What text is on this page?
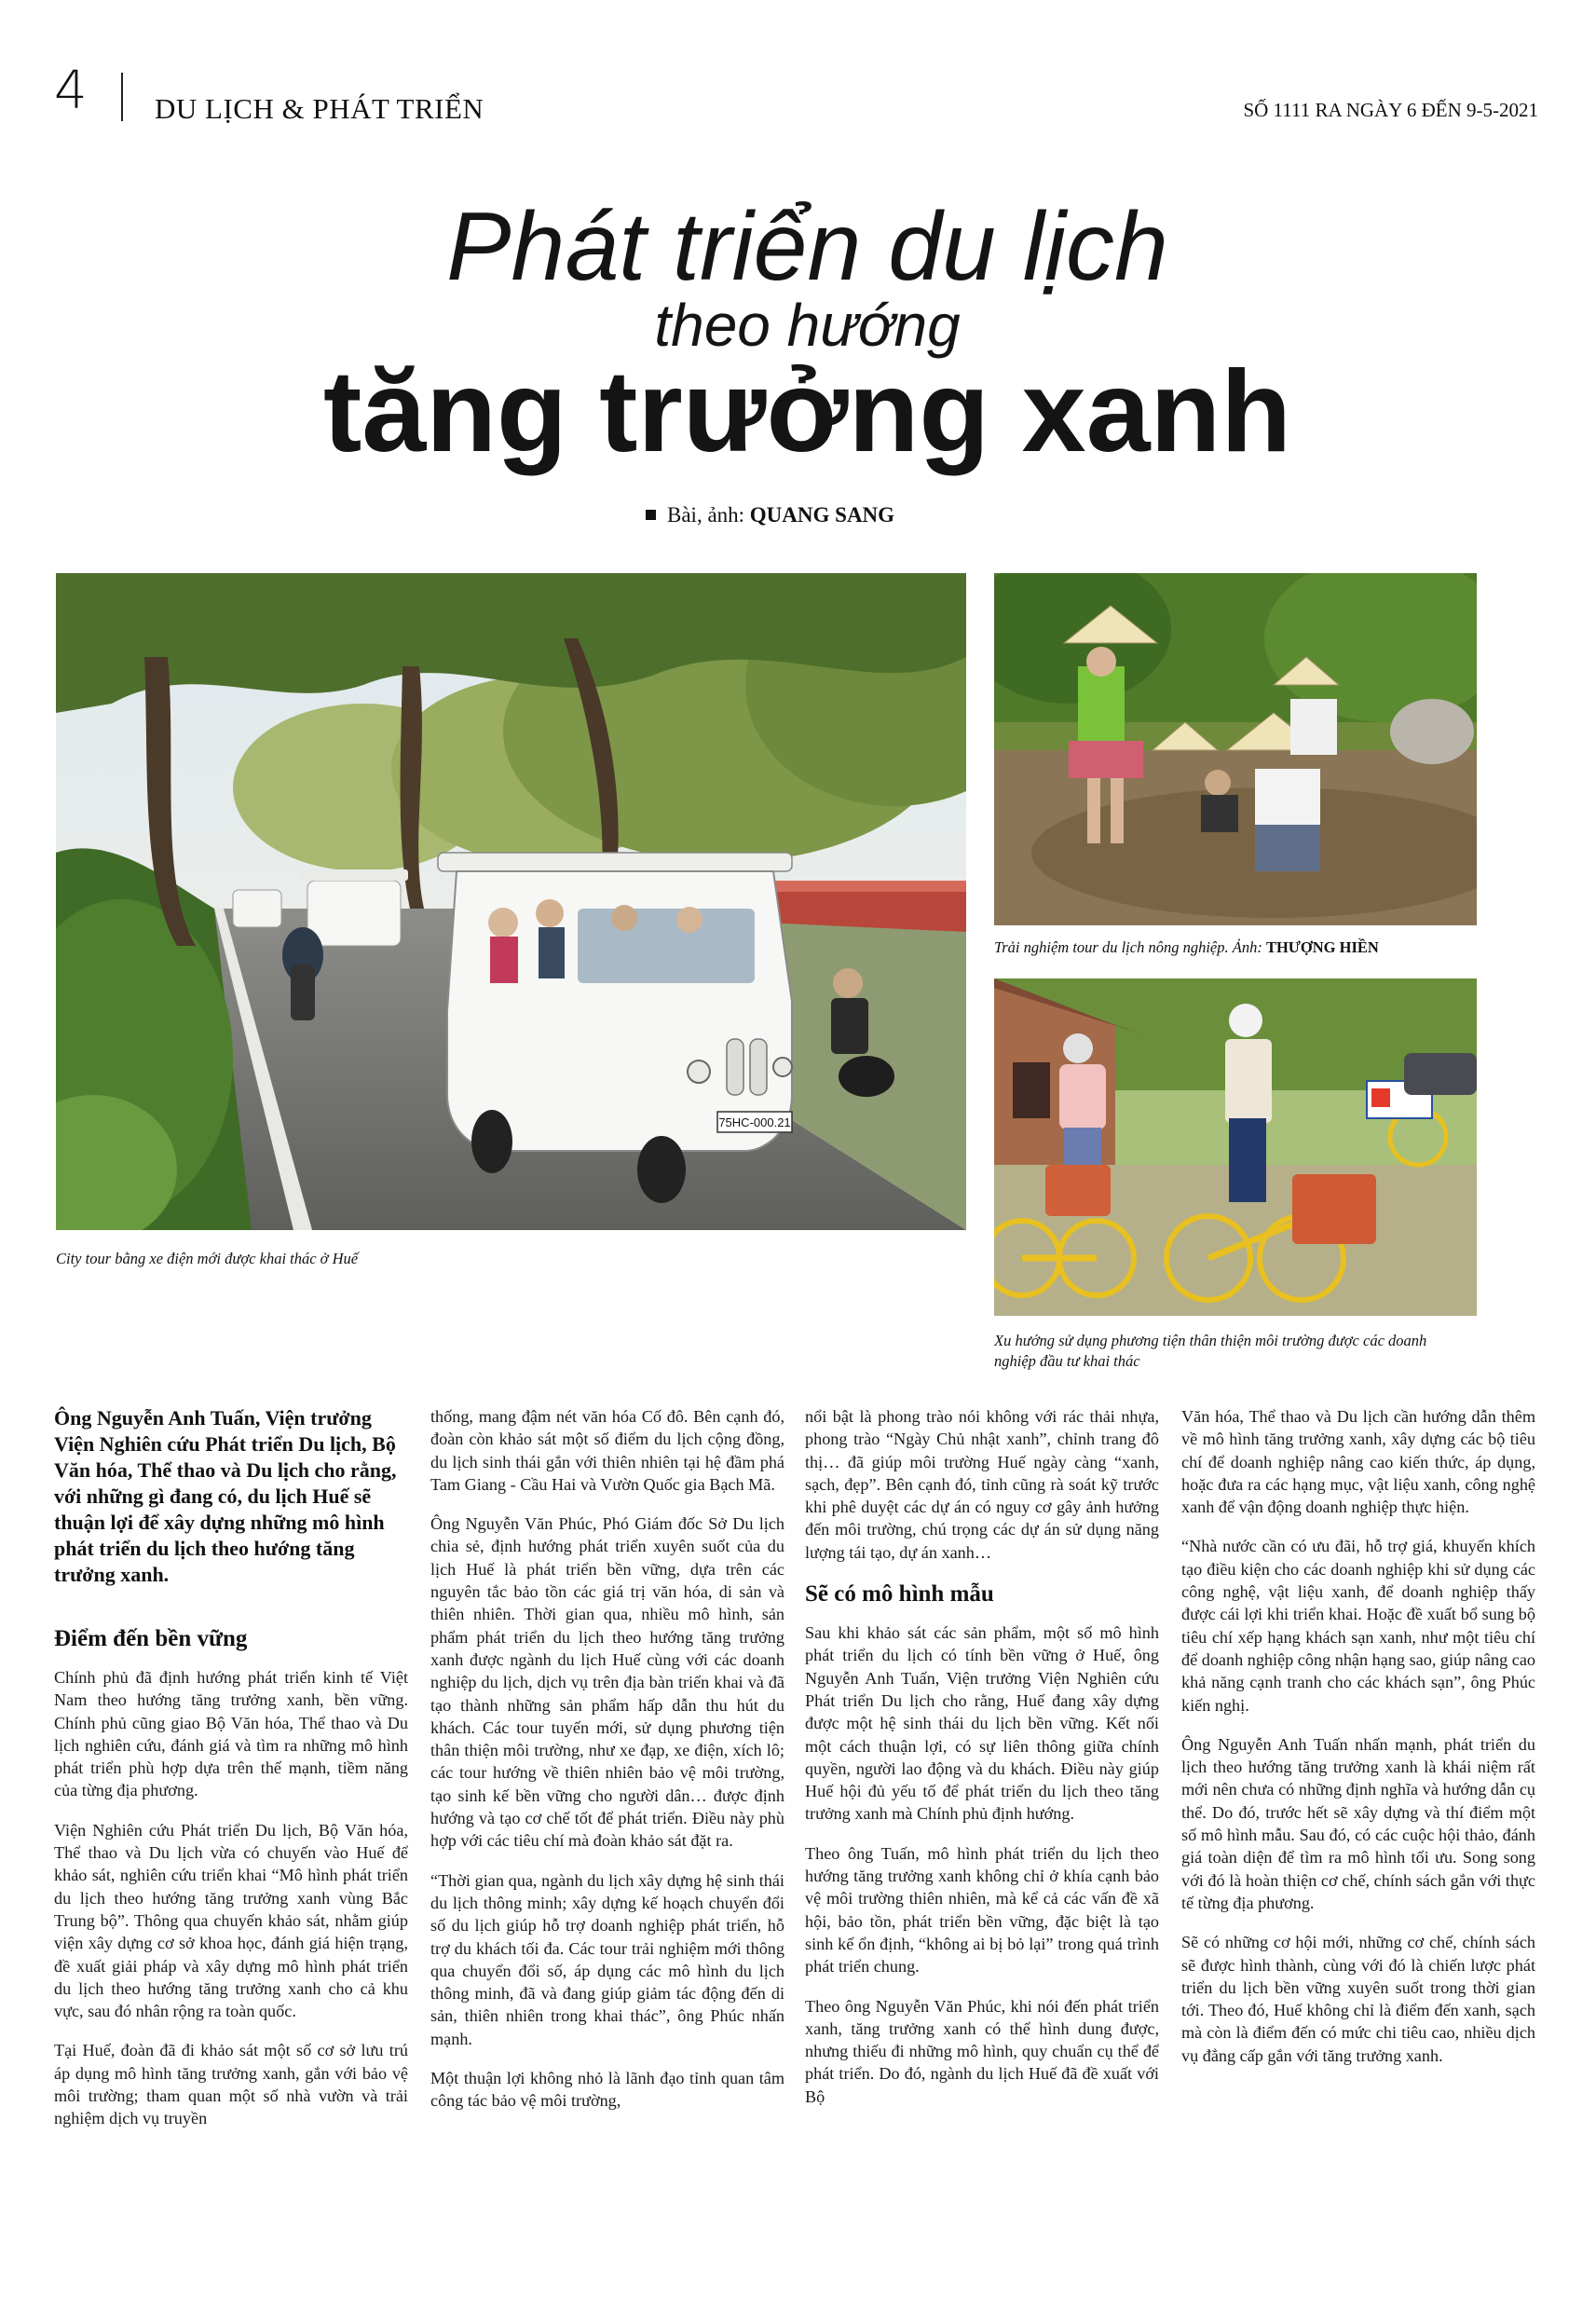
4 DU LỊCH & PHÁT TRIỂN	SỐ 1111 RA NGÀY 6 ĐẾN 9-5-2021
Phát triển du lịch
theo hướng
tăng trưởng xanh
Bài, ảnh: QUANG SANG
75HC-000.21
City tour bằng xe điện mới được khai thác ở Huế
Trải nghiệm tour du lịch nông nghiệp. Ảnh: THƯỢNG HIỀN
Xu hướng sử dụng phương tiện thân thiện môi trường được các doanh nghiệp đầu tư khai thác

Ông Nguyễn Anh Tuấn, Viện trưởng Viện Nghiên cứu Phát triển Du lịch, Bộ Văn hóa, Thể thao và Du lịch cho rằng, với những gì đang có, du lịch Huế sẽ thuận lợi để xây dựng những mô hình phát triển du lịch theo hướng tăng trưởng xanh.

Điểm đến bền vững

Chính phủ đã định hướng phát triển kinh tế Việt Nam theo hướng tăng trưởng xanh, bền vững. Chính phủ cũng giao Bộ Văn hóa, Thể thao và Du lịch nghiên cứu, đánh giá và tìm ra những mô hình phát triển phù hợp dựa trên thế mạnh, tiềm năng của từng địa phương.

Viện Nghiên cứu Phát triển Du lịch, Bộ Văn hóa, Thể thao và Du lịch vừa có chuyến vào Huế để khảo sát, nghiên cứu triển khai “Mô hình phát triển du lịch theo hướng tăng trưởng xanh vùng Bắc Trung bộ”. Thông qua chuyến khảo sát, nhằm giúp viện xây dựng cơ sở khoa học, đánh giá hiện trạng, đề xuất giải pháp và xây dựng mô hình phát triển du lịch theo hướng tăng trưởng xanh cho cả khu vực, sau đó nhân rộng ra toàn quốc.

Tại Huế, đoàn đã đi khảo sát một số cơ sở lưu trú áp dụng mô hình tăng trưởng xanh, gắn với bảo vệ môi trường; tham quan một số nhà vườn và trải nghiệm dịch vụ truyền

thống, mang đậm nét văn hóa Cố đô. Bên cạnh đó, đoàn còn khảo sát một số điểm du lịch cộng đồng, du lịch sinh thái gắn với thiên nhiên tại hệ đầm phá Tam Giang - Cầu Hai và Vườn Quốc gia Bạch Mã.

Ông Nguyễn Văn Phúc, Phó Giám đốc Sở Du lịch chia sẻ, định hướng phát triển xuyên suốt của du lịch Huế là phát triển bền vững, dựa trên các nguyên tắc bảo tồn các giá trị văn hóa, di sản và thiên nhiên. Thời gian qua, nhiều mô hình, sản phẩm phát triển du lịch theo hướng tăng trưởng xanh được ngành du lịch Huế cùng với các doanh nghiệp du lịch, dịch vụ trên địa bàn triển khai và đã tạo thành những sản phẩm hấp dẫn thu hút du khách. Các tour tuyến mới, sử dụng phương tiện thân thiện môi trường, như xe đạp, xe điện, xích lô; các tour hướng về thiên nhiên bảo vệ môi trường, tạo sinh kế bền vững cho người dân… được định hướng và tạo cơ chế tốt để phát triển. Điều này phù hợp với các tiêu chí mà đoàn khảo sát đặt ra.

“Thời gian qua, ngành du lịch xây dựng hệ sinh thái du lịch thông minh; xây dựng kế hoạch chuyển đổi số du lịch giúp hỗ trợ doanh nghiệp phát triển, hỗ trợ du khách tối đa. Các tour trải nghiệm mới thông qua chuyển đổi số, áp dụng các mô hình du lịch thông minh, đã và đang giúp giảm tác động đến di sản, thiên nhiên trong khai thác”, ông Phúc nhấn mạnh.

Một thuận lợi không nhỏ là lãnh đạo tỉnh quan tâm công tác bảo vệ môi trường,

nổi bật là phong trào nói không với rác thải nhựa, phong trào “Ngày Chủ nhật xanh”, chỉnh trang đô thị… đã giúp môi trường Huế ngày càng “xanh, sạch, đẹp”. Bên cạnh đó, tỉnh cũng rà soát kỹ trước khi phê duyệt các dự án có nguy cơ gây ảnh hưởng đến môi trường, chú trọng các dự án sử dụng năng lượng tái tạo, dự án xanh…

Sẽ có mô hình mẫu

Sau khi khảo sát các sản phẩm, một số mô hình phát triển du lịch có tính bền vững ở Huế, ông Nguyễn Anh Tuấn, Viện trưởng Viện Nghiên cứu Phát triển Du lịch cho rằng, Huế đang xây dựng được một hệ sinh thái du lịch bền vững. Kết nối một cách thuận lợi, có sự liên thông giữa chính quyền, người lao động và du khách. Điều này giúp Huế hội đủ yếu tố để phát triển du lịch theo tăng trưởng xanh mà Chính phủ định hướng.

Theo ông Tuấn, mô hình phát triển du lịch theo hướng tăng trưởng xanh không chỉ ở khía cạnh bảo vệ môi trường thiên nhiên, mà kể cả các vấn đề xã hội, bảo tồn, phát triển bền vững, đặc biệt là tạo sinh kế ổn định, “không ai bị bỏ lại” trong quá trình phát triển chung.

Theo ông Nguyễn Văn Phúc, khi nói đến phát triển xanh, tăng trưởng xanh có thể hình dung được, nhưng thiếu đi những mô hình, quy chuẩn cụ thể để phát triển. Do đó, ngành du lịch Huế đã đề xuất với Bộ

Văn hóa, Thể thao và Du lịch cần hướng dẫn thêm về mô hình tăng trưởng xanh, xây dựng các bộ tiêu chí để doanh nghiệp nâng cao kiến thức, áp dụng, hoặc đưa ra các hạng mục, vật liệu xanh, công nghệ xanh để vận động doanh nghiệp thực hiện.

“Nhà nước cần có ưu đãi, hỗ trợ giá, khuyến khích tạo điều kiện cho các doanh nghiệp khi sử dụng các công nghệ, vật liệu xanh, để doanh nghiệp thấy được cái lợi khi triển khai. Hoặc đề xuất bổ sung bộ tiêu chí xếp hạng khách sạn xanh, như một tiêu chí để doanh nghiệp công nhận hạng sao, giúp nâng cao khả năng cạnh tranh cho các khách sạn”, ông Phúc kiến nghị.

Ông Nguyễn Anh Tuấn nhấn mạnh, phát triển du lịch theo hướng tăng trưởng xanh là khái niệm rất mới nên chưa có những định nghĩa và hướng dẫn cụ thể. Do đó, trước hết sẽ xây dựng và thí điểm một số mô hình mẫu. Sau đó, có các cuộc hội thảo, đánh giá toàn diện để tìm ra mô hình tối ưu. Song song với đó là hoàn thiện cơ chế, chính sách gắn với thực tế từng địa phương.

Sẽ có những cơ hội mới, những cơ chế, chính sách sẽ được hình thành, cùng với đó là chiến lược phát triển du lịch bền vững xuyên suốt trong thời gian tới. Theo đó, Huế không chỉ là điểm đến xanh, sạch mà còn là điểm đến có mức chi tiêu cao, nhiều dịch vụ đẳng cấp gắn với tăng trưởng xanh.
